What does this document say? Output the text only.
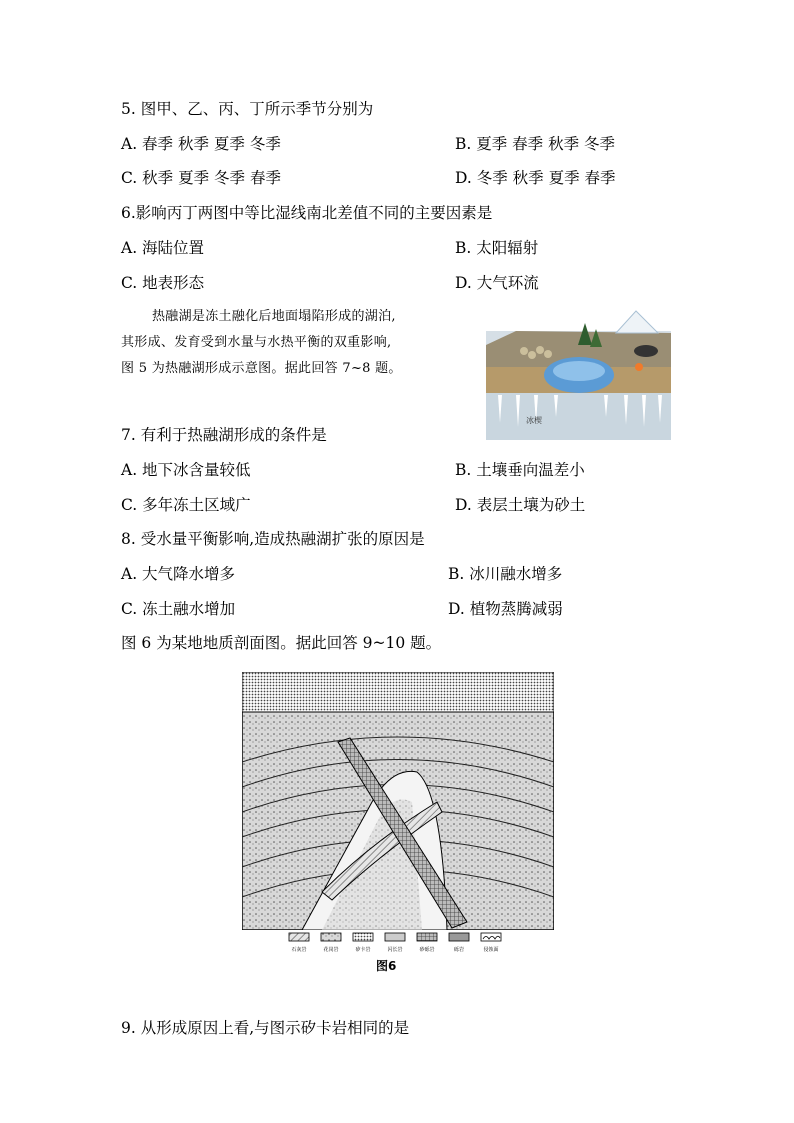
5. 图甲、乙、丙、丁所示季节分别为
A. 春季 秋季 夏季 冬季	B. 夏季 春季 秋季 冬季
C. 秋季 夏季 冬季 春季	D. 冬季 秋季 夏季 春季
6.影响丙丁两图中等比湿线南北差值不同的主要因素是
A. 海陆位置	B. 太阳辐射
C. 地表形态	D. 大气环流
热融湖是冻土融化后地面塌陷形成的湖泊,
其形成、发育受到水量与水热平衡的双重影响,
图 5 为热融湖形成示意图。据此回答 7~8 题。
冰楔
7. 有利于热融湖形成的条件是
A. 地下冰含量较低	B. 土壤垂向温差小
C. 多年冻土区域广	D. 表层土壤为砂土
8. 受水量平衡影响,造成热融湖扩张的原因是
A. 大气降水增多	B. 冰川融水增多
C. 冻土融水增加	D. 植物蒸腾减弱
图 6 为某地地质剖面图。据此回答 9~10 题。
石灰岩	花岗岩	矽卡岩	闪长岩	砂砾岩	砾岩	侵蚀面
图6
9. 从形成原因上看,与图示矽卡岩相同的是
